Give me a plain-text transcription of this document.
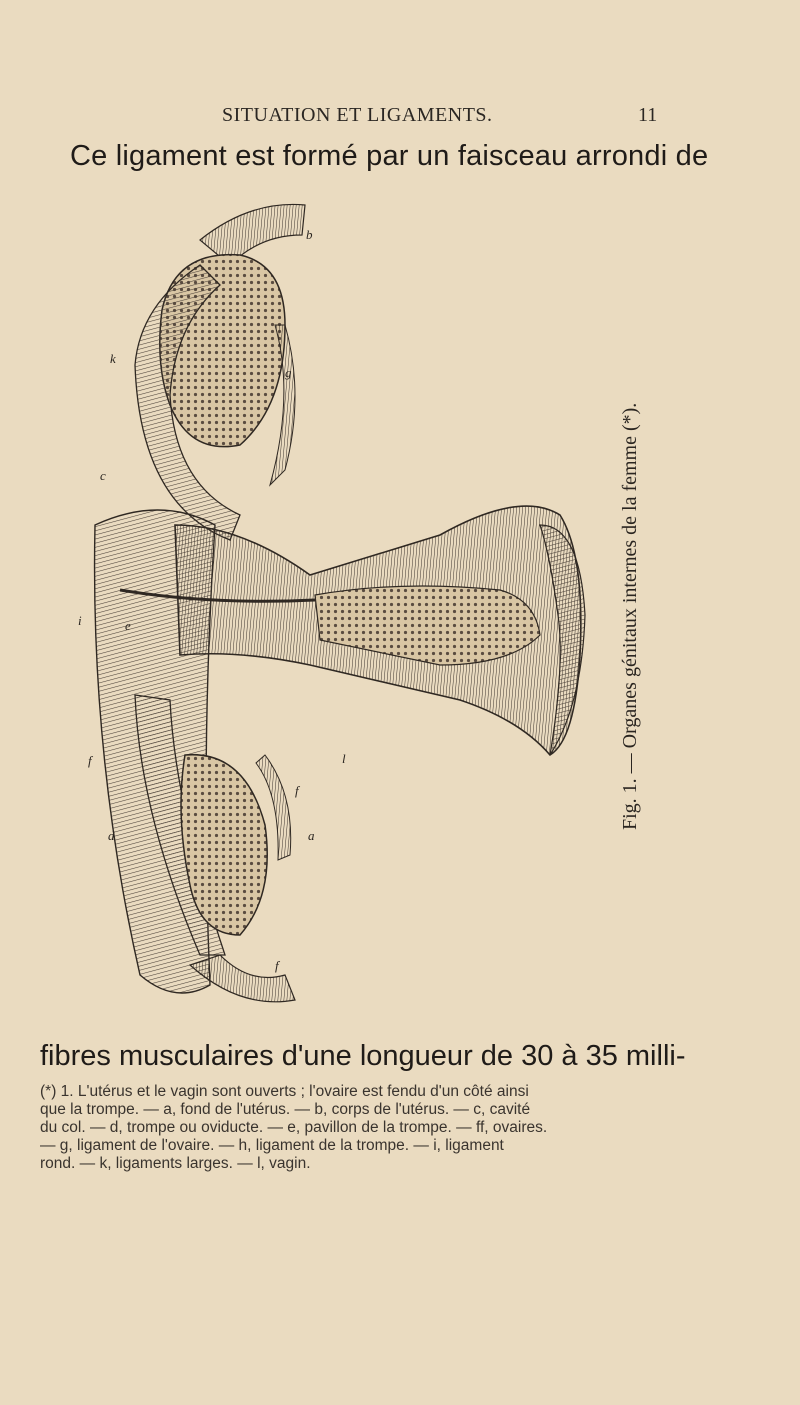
SITUATION ET LIGAMENTS.	11
Ce ligament est formé par un faisceau arrondi de
b
k
g
c
i	e
f
f
d	a
f
l	Fig. 1. — Organes génitaux internes de la femme (*).
fibres musculaires d'une longueur de 30 à 35 milli-
(*) 1. L'utérus et le vagin sont ouverts ; l'ovaire est fendu d'un côté ainsi
que la trompe. — a, fond de l'utérus. — b, corps de l'utérus. — c, cavité
du col. — d, trompe ou oviducte. — e, pavillon de la trompe. — ff, ovaires.
— g, ligament de l'ovaire. — h, ligament de la trompe. — i, ligament
rond. — k, ligaments larges. — l, vagin.
